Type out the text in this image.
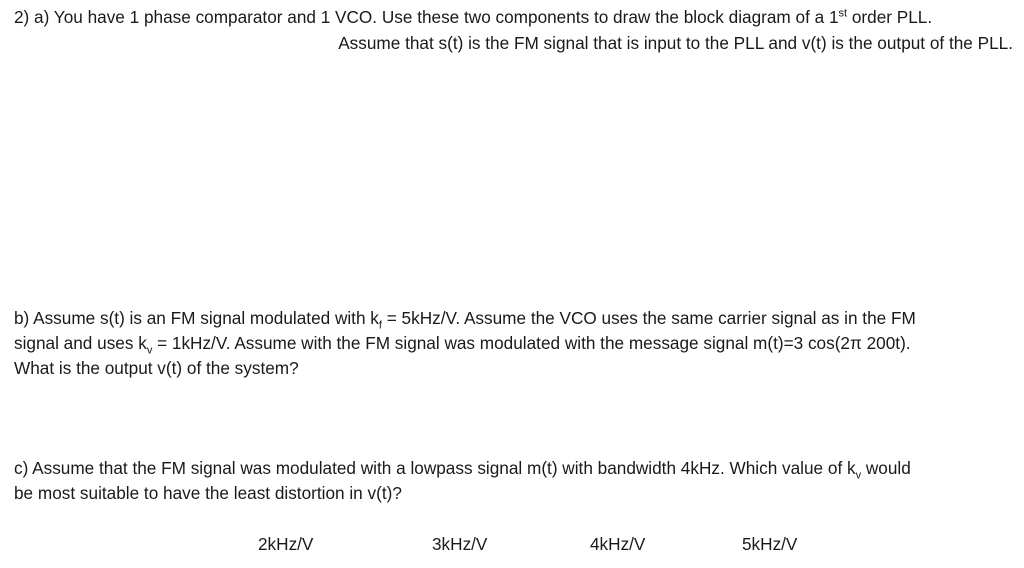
2) a) You have 1 phase comparator and 1 VCO. Use these two components to draw the block diagram of a 1st order PLL.
Assume that s(t) is the FM signal that is input to the PLL and v(t) is the output of the PLL.
b) Assume s(t) is an FM signal modulated with $k_f = 5kHz/V$. Assume the VCO uses the same carrier signal as in the FM
signal and uses $k_v = 1kHz/V$. Assume with the FM signal was modulated with the message signal m(t)=3 cos(2π 200t).
What is the output v(t) of the system?
c) Assume that the FM signal was modulated with a lowpass signal m(t) with bandwidth 4kHz. Which value of $k_v$ would
be most suitable to have the least distortion in v(t)?
2kHz/V	3kHz/V	4kHz/V	5kHz/V
